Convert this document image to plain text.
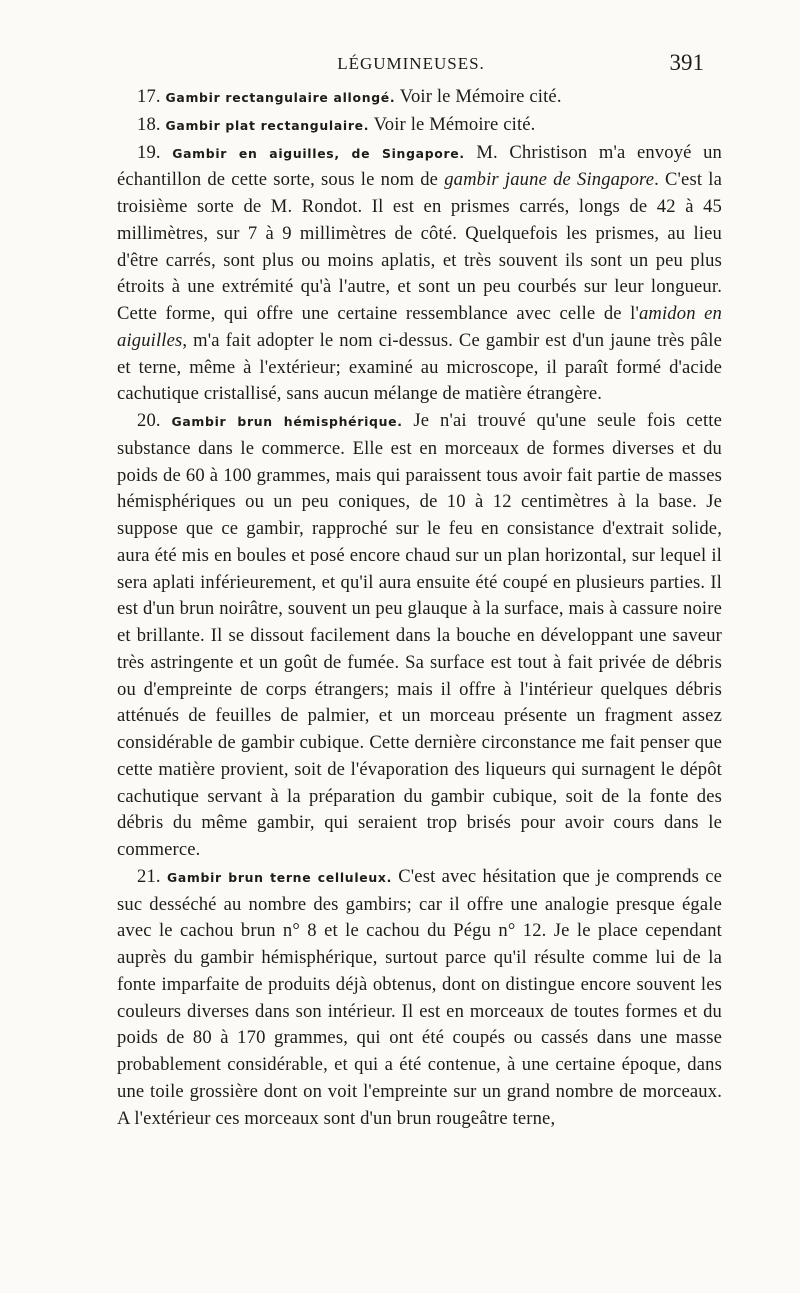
LÉGUMINEUSES.	391

17. Gambir rectangulaire allongé. Voir le Mémoire cité.

18. Gambir plat rectangulaire. Voir le Mémoire cité.

19. Gambir en aiguilles, de Singapore. M. Christison m'a envoyé un échantillon de cette sorte, sous le nom de gambir jaune de Singapore. C'est la troisième sorte de M. Rondot. Il est en prismes carrés, longs de 42 à 45 millimètres, sur 7 à 9 millimètres de côté. Quelquefois les prismes, au lieu d'être carrés, sont plus ou moins aplatis, et très souvent ils sont un peu plus étroits à une extrémité qu'à l'autre, et sont un peu courbés sur leur longueur. Cette forme, qui offre une certaine ressemblance avec celle de l'amidon en aiguilles, m'a fait adopter le nom ci-dessus. Ce gambir est d'un jaune très pâle et terne, même à l'extérieur; examiné au microscope, il paraît formé d'acide cachutique cristallisé, sans aucun mélange de matière étrangère.

20. Gambir brun hémisphérique. Je n'ai trouvé qu'une seule fois cette substance dans le commerce. Elle est en morceaux de formes diverses et du poids de 60 à 100 grammes, mais qui paraissent tous avoir fait partie de masses hémisphériques ou un peu coniques, de 10 à 12 centimètres à la base. Je suppose que ce gambir, rapproché sur le feu en consistance d'extrait solide, aura été mis en boules et posé encore chaud sur un plan horizontal, sur lequel il sera aplati inférieurement, et qu'il aura ensuite été coupé en plusieurs parties. Il est d'un brun noirâtre, souvent un peu glauque à la surface, mais à cassure noire et brillante. Il se dissout facilement dans la bouche en développant une saveur très astringente et un goût de fumée. Sa surface est tout à fait privée de débris ou d'empreinte de corps étrangers; mais il offre à l'intérieur quelques débris atténués de feuilles de palmier, et un morceau présente un fragment assez considérable de gambir cubique. Cette dernière circonstance me fait penser que cette matière provient, soit de l'évaporation des liqueurs qui surnagent le dépôt cachutique servant à la préparation du gambir cubique, soit de la fonte des débris du même gambir, qui seraient trop brisés pour avoir cours dans le commerce.

21. Gambir brun terne celluleux. C'est avec hésitation que je comprends ce suc desséché au nombre des gambirs; car il offre une analogie presque égale avec le cachou brun n° 8 et le cachou du Pégu n° 12. Je le place cependant auprès du gambir hémisphérique, surtout parce qu'il résulte comme lui de la fonte imparfaite de produits déjà obtenus, dont on distingue encore souvent les couleurs diverses dans son intérieur. Il est en morceaux de toutes formes et du poids de 80 à 170 grammes, qui ont été coupés ou cassés dans une masse probablement considérable, et qui a été contenue, à une certaine époque, dans une toile grossière dont on voit l'empreinte sur un grand nombre de morceaux. A l'extérieur ces morceaux sont d'un brun rougeâtre terne,
